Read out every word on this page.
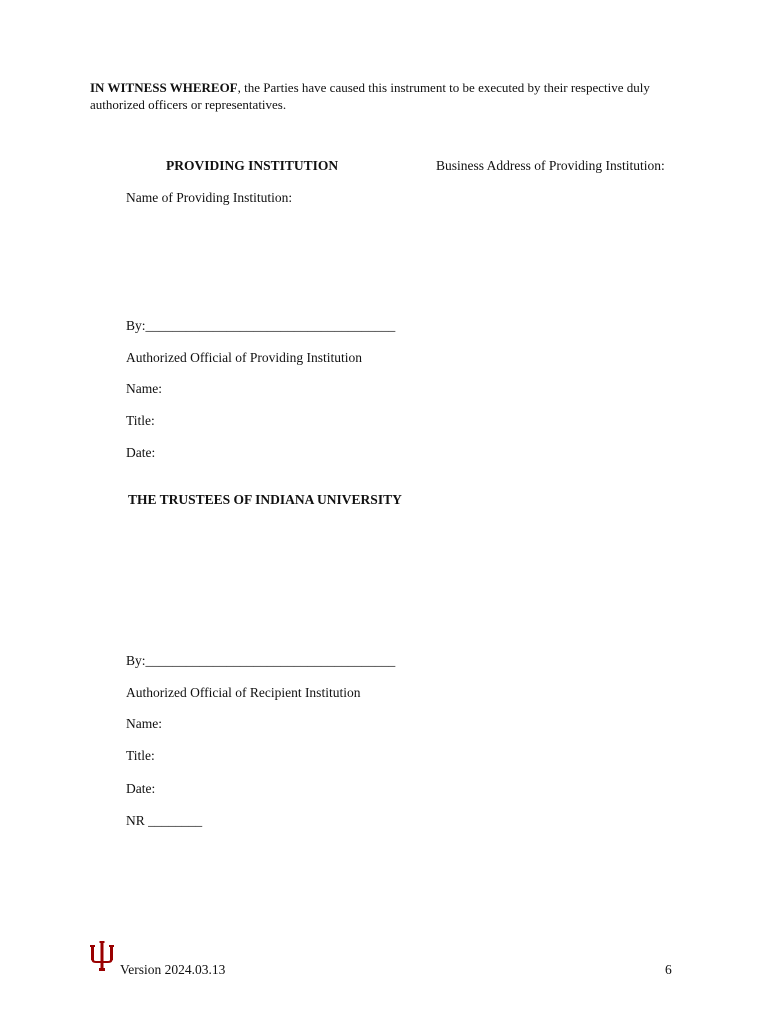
IN WITNESS WHEREOF, the Parties have caused this instrument to be executed by their respective duly authorized officers or representatives.
PROVIDING INSTITUTION	Business Address of Providing Institution:
Name of Providing Institution:
By:_____________________________________
Authorized Official of Providing Institution
Name:
Title:
Date:
THE TRUSTEES OF INDIANA UNIVERSITY
By:_____________________________________
Authorized Official of Recipient Institution
Name:
Title:
Date:
NR ________
Version 2024.03.13	6
